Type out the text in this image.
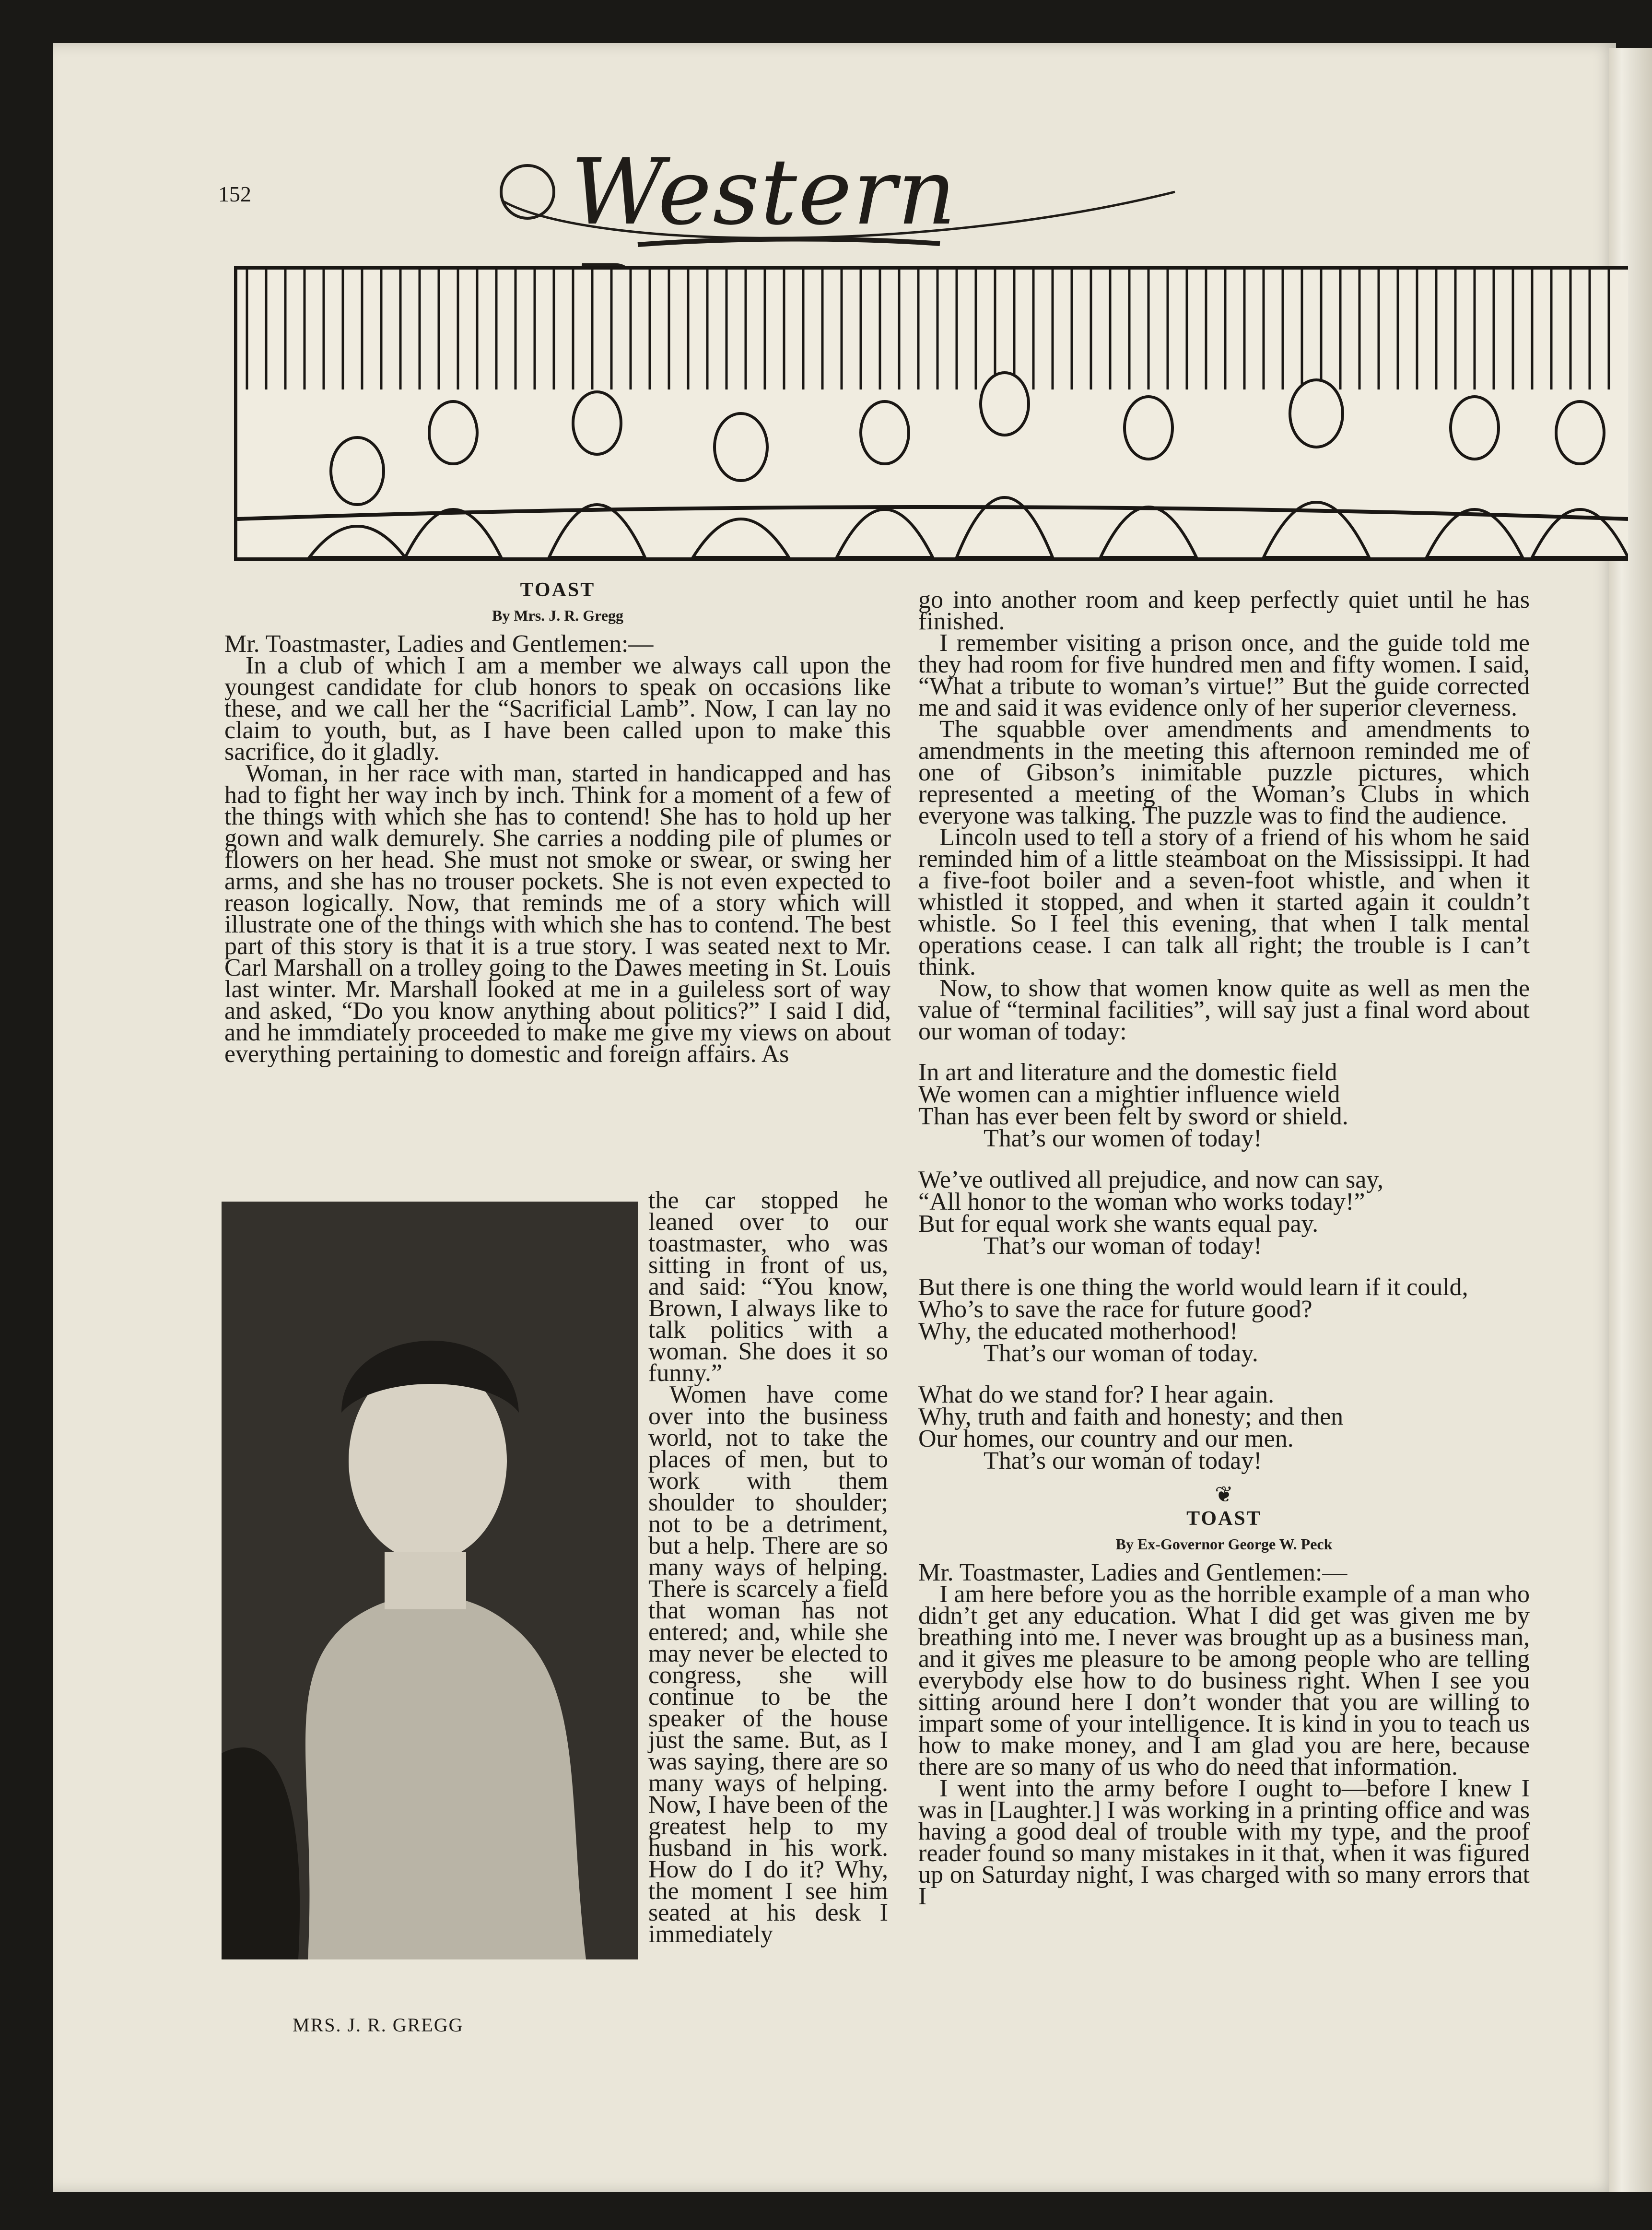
152	Western
TOAST
By Mrs. J. R. Gregg

Mr. Toastmaster, Ladies and Gentlemen:—

In a club of which I am a member we always call upon the youngest candidate for club honors to speak on occasions like these, and we call her the “Sacrificial Lamb”. Now, I can lay no claim to youth, but, as I have been called upon to make this sacrifice, do it gladly.

Woman, in her race with man, started in handicapped and has had to fight her way inch by inch. Think for a moment of a few of the things with which she has to contend! She has to hold up her gown and walk demurely. She carries a nodding pile of plumes or flowers on her head. She must not smoke or swear, or swing her arms, and she has no trouser pockets. She is not even expected to reason logically. Now, that reminds me of a story which will illustrate one of the things with which she has to contend. The best part of this story is that it is a true story. I was seated next to Mr. Carl Marshall on a trolley going to the Dawes meeting in St. Louis last winter. Mr. Marshall looked at me in a guileless sort of way and asked, “Do you know anything about politics?” I said I did, and he immdiately proceeded to make me give my views on about everything pertaining to domestic and foreign affairs. As

MRS. J. R. GREGG

the car stopped he leaned over to our toastmaster, who was sitting in front of us, and said: “You know, Brown, I always like to talk politics with a woman. She does it so funny.”

Women have come over into the business world, not to take the places of men, but to work with them shoulder to shoulder; not to be a detriment, but a help. There are so many ways of helping. There is scarcely a field that woman has not entered; and, while she may never be elected to congress, she will continue to be the speaker of the house just the same. But, as I was saying, there are so many ways of helping. Now, I have been of the greatest help to my husband in his work. How do I do it? Why, the moment I see him seated at his desk I immediately

go into another room and keep perfectly quiet until he has finished.

I remember visiting a prison once, and the guide told me they had room for five hundred men and fifty women. I said, “What a tribute to woman’s virtue!” But the guide corrected me and said it was evidence only of her superior cleverness.

The squabble over amendments and amendments to amendments in the meeting this afternoon reminded me of one of Gibson’s inimitable puzzle pictures, which represented a meeting of the Woman’s Clubs in which everyone was talking. The puzzle was to find the audience.

Lincoln used to tell a story of a friend of his whom he said reminded him of a little steamboat on the Mississippi. It had a five-foot boiler and a seven-foot whistle, and when it whistled it stopped, and when it started again it couldn’t whistle. So I feel this evening, that when I talk mental operations cease. I can talk all right; the trouble is I can’t think.

Now, to show that women know quite as well as men the value of “terminal facilities”, will say just a final word about our woman of today:

In art and literature and the domestic field
We women can a mightier influence wield
Than has ever been felt by sword or shield.
That’s our women of today!
We’ve outlived all prejudice, and now can say,
“All honor to the woman who works today!”
But for equal work she wants equal pay.
That’s our woman of today!
But there is one thing the world would learn if it could,
Who’s to save the race for future good?
Why, the educated motherhood!
That’s our woman of today.
What do we stand for? I hear again.
Why, truth and faith and honesty; and then
Our homes, our country and our men.
That’s our woman of today!
❦
TOAST
By Ex-Governor George W. Peck

Mr. Toastmaster, Ladies and Gentlemen:—

I am here before you as the horrible example of a man who didn’t get any education. What I did get was given me by breathing into me. I never was brought up as a business man, and it gives me pleasure to be among people who are telling everybody else how to do business right. When I see you sitting around here I don’t wonder that you are willing to impart some of your intelligence. It is kind in you to teach us how to make money, and I am glad you are here, because there are so many of us who do need that information.

I went into the army before I ought to—before I knew I was in [Laughter.] I was working in a printing office and was having a good deal of trouble with my type, and the proof reader found so many mistakes in it that, when it was figured up on Saturday night, I was charged with so many errors that I
